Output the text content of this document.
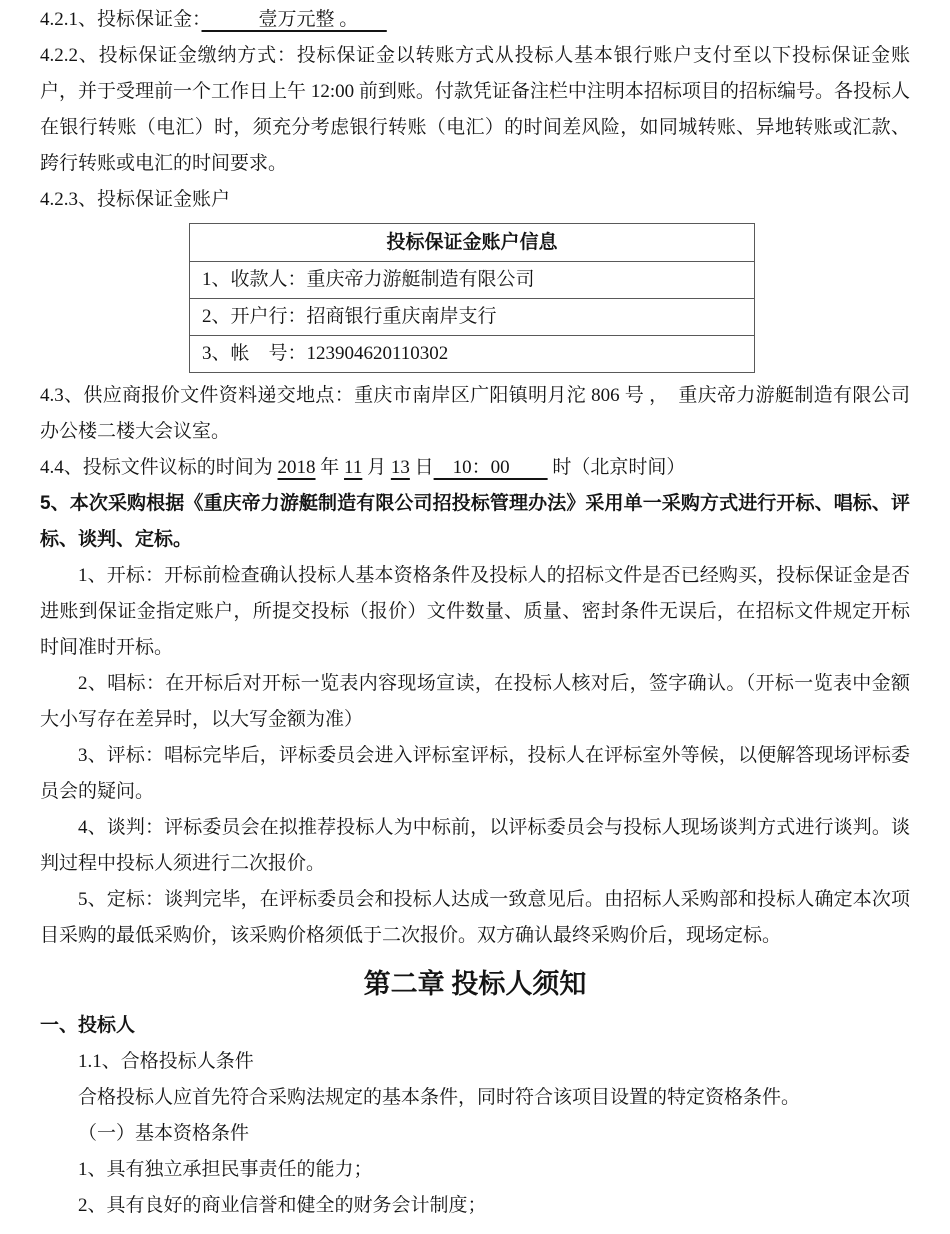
4.2.1、投标保证金：　　　壹万元整 。　　

4.2.2、投标保证金缴纳方式：投标保证金以转账方式从投标人基本银行账户支付至以下投标保证金账户，并于受理前一个工作日上午 12:00 前到账。付款凭证备注栏中注明本招标项目的招标编号。各投标人在银行转账（电汇）时，须充分考虑银行转账（电汇）的时间差风险，如同城转账、异地转账或汇款、跨行转账或电汇的时间要求。

4.2.3、投标保证金账户

投标保证金账户信息
1、收款人：重庆帝力游艇制造有限公司
2、开户行：招商银行重庆南岸支行
3、帐　号：123904620110302

4.3、供应商报价文件资料递交地点：重庆市南岸区广阳镇明月沱 806 号 ，　重庆帝力游艇制造有限公司办公楼二楼大会议室。

4.4、投标文件议标的时间为 2018 年 11 月 13 日　10：00　　 时（北京时间）

5、本次采购根据《重庆帝力游艇制造有限公司招投标管理办法》采用单一采购方式进行开标、唱标、评标、谈判、定标。

1、开标：开标前检查确认投标人基本资格条件及投标人的招标文件是否已经购买，投标保证金是否进账到保证金指定账户，所提交投标（报价）文件数量、质量、密封条件无误后，在招标文件规定开标时间准时开标。

2、唱标：在开标后对开标一览表内容现场宣读，在投标人核对后，签字确认。（开标一览表中金额大小写存在差异时，以大写金额为准）

3、评标：唱标完毕后，评标委员会进入评标室评标，投标人在评标室外等候，以便解答现场评标委员会的疑问。

4、谈判：评标委员会在拟推荐投标人为中标前，以评标委员会与投标人现场谈判方式进行谈判。谈判过程中投标人须进行二次报价。

5、定标：谈判完毕，在评标委员会和投标人达成一致意见后。由招标人采购部和投标人确定本次项目采购的最低采购价，该采购价格须低于二次报价。双方确认最终采购价后，现场定标。

第二章 投标人须知

一、投标人

1.1、合格投标人条件

合格投标人应首先符合采购法规定的基本条件，同时符合该项目设置的特定资格条件。

（一）基本资格条件

1、具有独立承担民事责任的能力；

2、具有良好的商业信誉和健全的财务会计制度；
